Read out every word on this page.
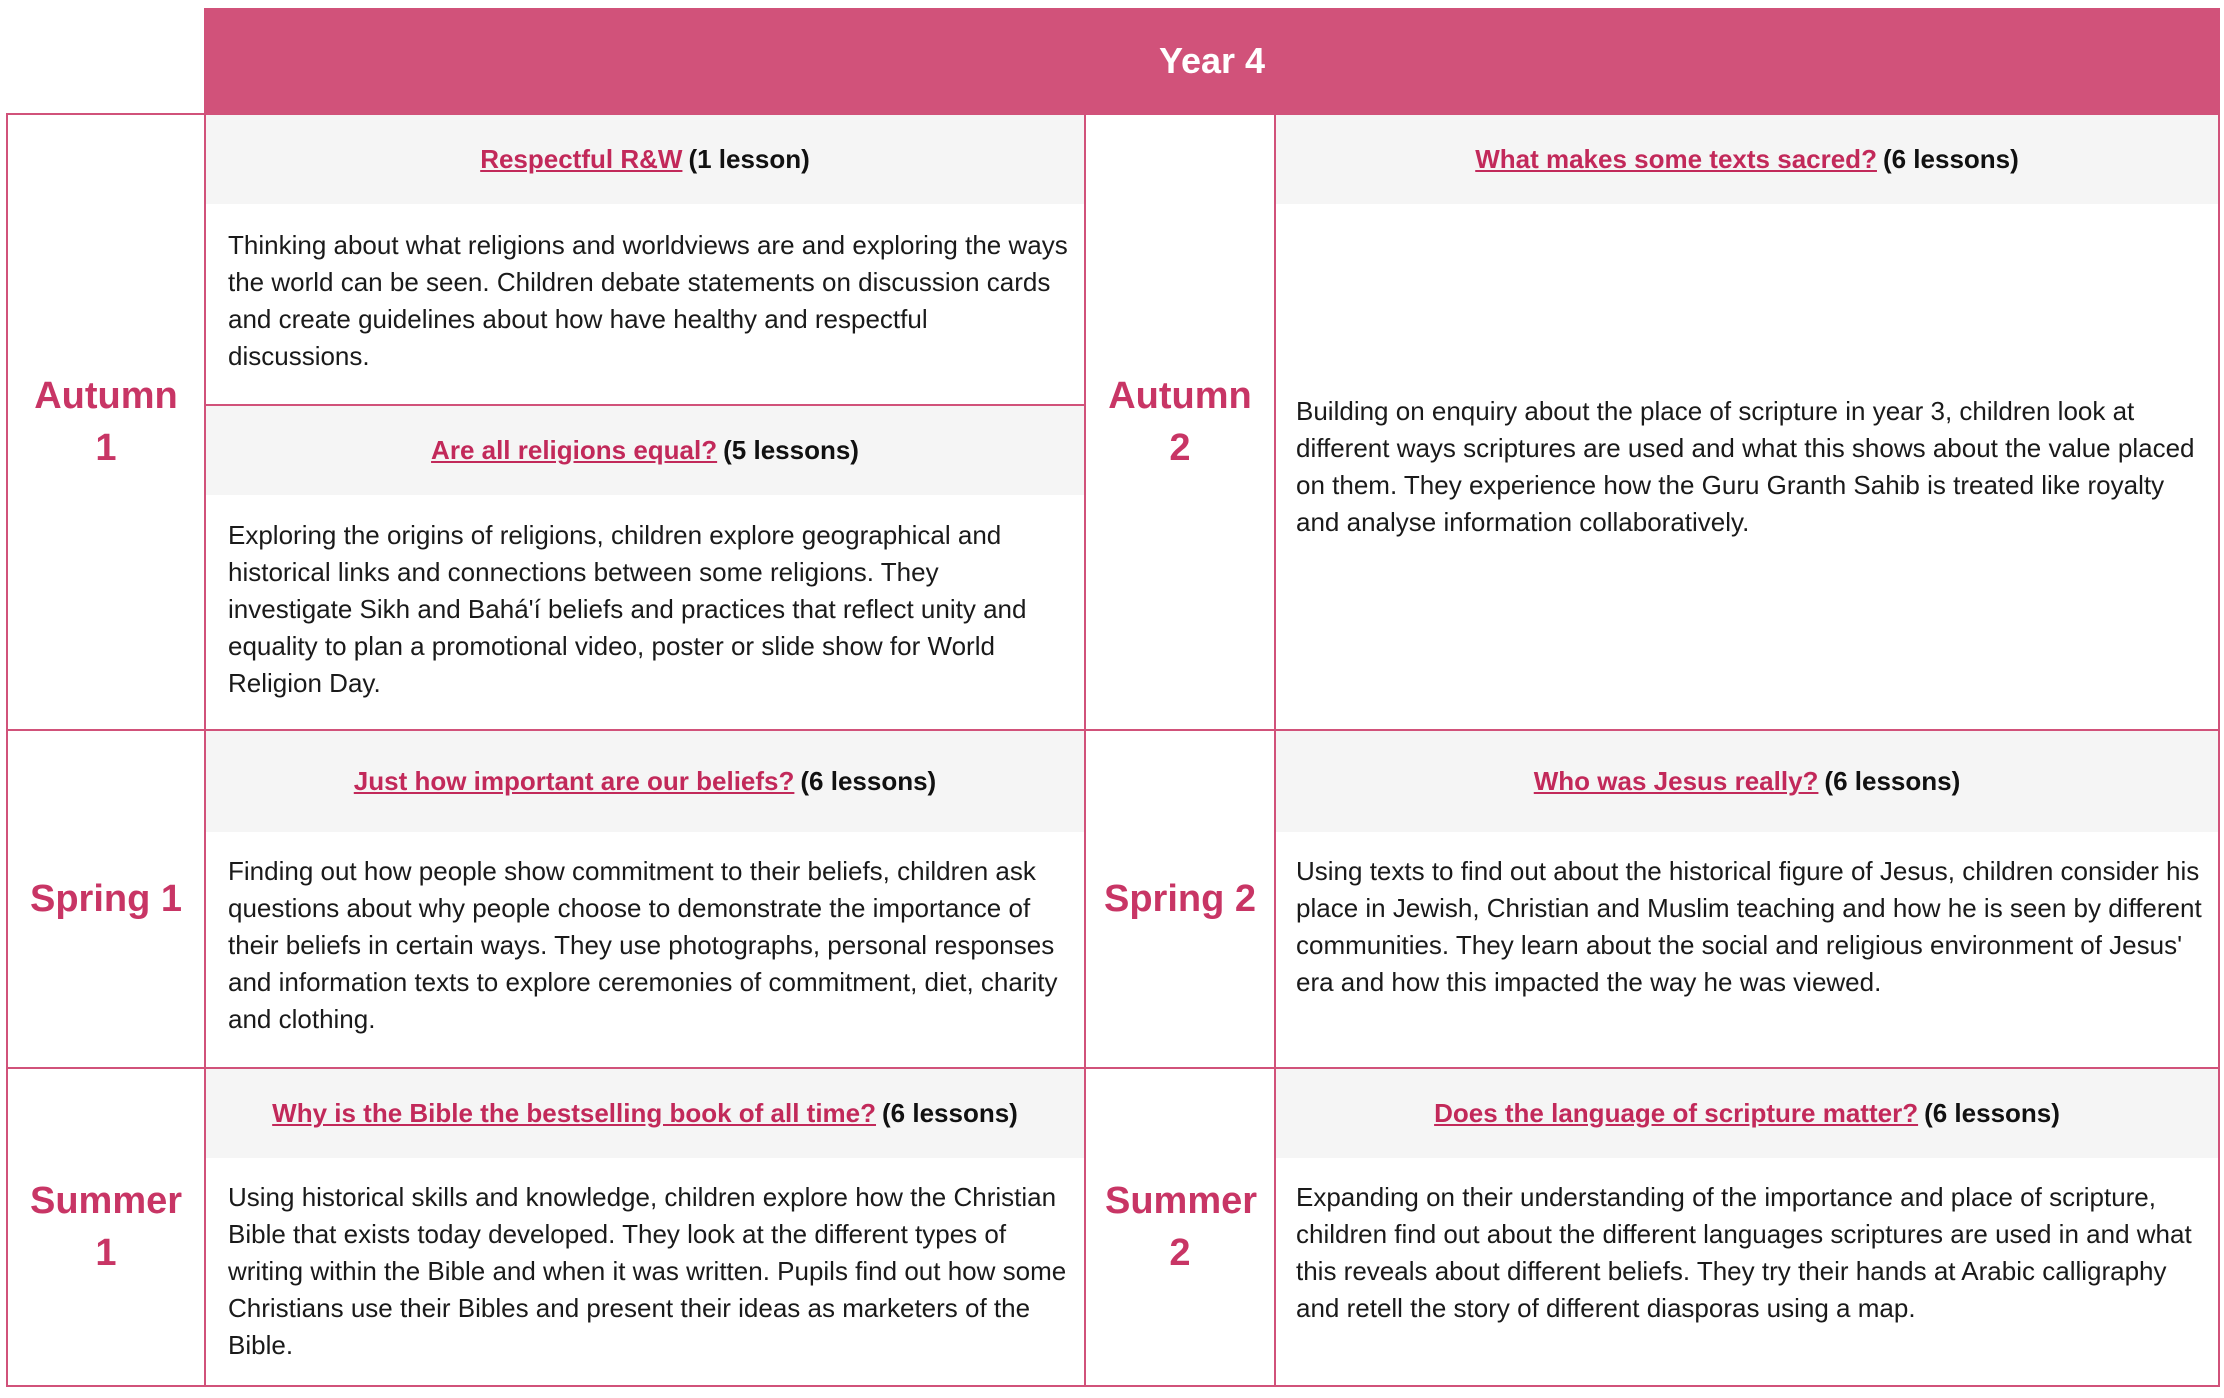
Year 4
Autumn 1
Respectful R&W (1 lesson)
Thinking about what religions and worldviews are and exploring the ways the world can be seen. Children debate statements on discussion cards and create guidelines about how have healthy and respectful discussions.
Are all religions equal? (5 lessons)
Exploring the origins of religions, children explore geographical and historical links and connections between some religions. They investigate Sikh and Bahá'í beliefs and practices that reflect unity and equality to plan a promotional video, poster or slide show for World Religion Day.
Autumn 2
What makes some texts sacred? (6 lessons)
Building on enquiry about the place of scripture in year 3, children look at different ways scriptures are used and what this shows about the value placed on them. They experience how the Guru Granth Sahib is treated like royalty and analyse information collaboratively.
Spring 1
Just how important are our beliefs? (6 lessons)
Finding out how people show commitment to their beliefs, children ask questions about why people choose to demonstrate the importance of their beliefs in certain ways. They use photographs, personal responses and information texts to explore ceremonies of commitment, diet, charity and clothing.
Spring 2
Who was Jesus really? (6 lessons)
Using texts to find out about the historical figure of Jesus, children consider his place in Jewish, Christian and Muslim teaching and how he is seen by different communities. They learn about the social and religious environment of Jesus' era and how this impacted the way he was viewed.
Summer 1
Why is the Bible the bestselling book of all time? (6 lessons)
Using historical skills and knowledge, children explore how the Christian Bible that exists today developed. They look at the different types of writing within the Bible and when it was written. Pupils find out how some Christians use their Bibles and present their ideas as marketers of the Bible.
Summer 2
Does the language of scripture matter? (6 lessons)
Expanding on their understanding of the importance and place of scripture, children find out about the different languages scriptures are used in and what this reveals about different beliefs. They try their hands at Arabic calligraphy and retell the story of different diasporas using a map.
